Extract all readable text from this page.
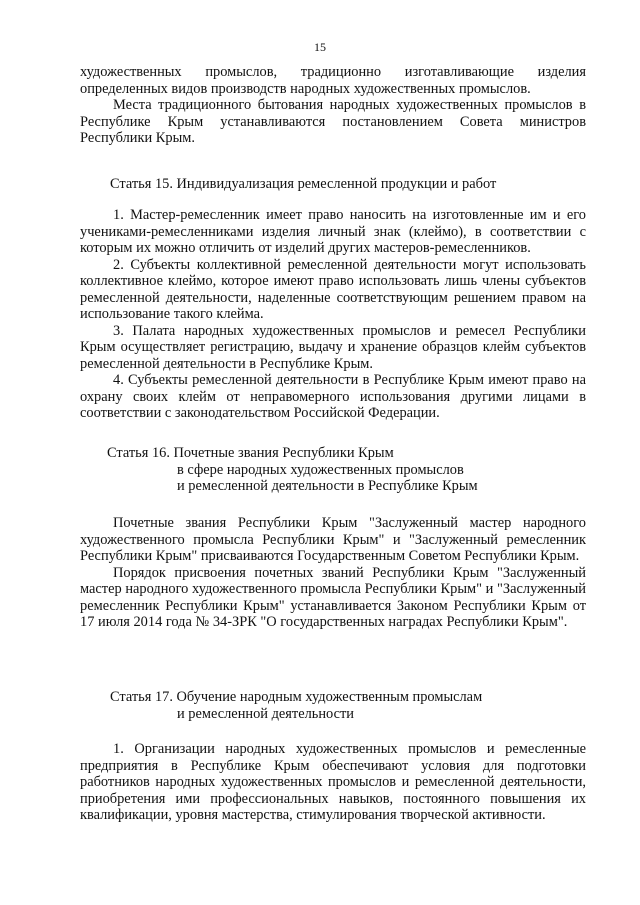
15

художественных промыслов, традиционно изготавливающие изделия определенных видов производств народных художественных промыслов.

Места традиционного бытования народных художественных промыслов в Республике Крым устанавливаются постановлением Совета министров Республики Крым.

Статья 15. Индивидуализация ремесленной продукции и работ

1. Мастер-ремесленник имеет право наносить на изготовленные им и его учениками-ремесленниками изделия личный знак (клеймо), в соответствии с которым их можно отличить от изделий других мастеров-ремесленников.

2. Субъекты коллективной ремесленной деятельности могут использовать коллективное клеймо, которое имеют право использовать лишь члены субъектов ремесленной деятельности, наделенные соответствующим решением правом на использование такого клейма.

3. Палата народных художественных промыслов и ремесел Республики Крым осуществляет регистрацию, выдачу и хранение образцов клейм субъектов ремесленной деятельности в Республике Крым.

4. Субъекты ремесленной деятельности в Республике Крым имеют право на охрану своих клейм от неправомерного использования другими лицами в соответствии с законодательством Российской Федерации.

Статья 16. Почетные звания Республики Крым

в сфере народных художественных промыслов

и ремесленной деятельности в Республике Крым

Почетные звания Республики Крым "Заслуженный мастер народного художественного промысла Республики Крым" и "Заслуженный ремесленник Республики Крым" присваиваются Государственным Советом Республики Крым.

Порядок присвоения почетных званий Республики Крым "Заслуженный мастер народного художественного промысла Республики Крым" и "Заслуженный ремесленник Республики Крым" устанавливается Законом Республики Крым от 17 июля 2014 года № 34-ЗРК "О государственных наградах Республики Крым".

Статья 17. Обучение народным художественным промыслам

и ремесленной деятельности

1. Организации народных художественных промыслов и ремесленные предприятия в Республике Крым обеспечивают условия для подготовки работников народных художественных промыслов и ремесленной деятельности, приобретения ими профессиональных навыков, постоянного повышения их квалификации, уровня мастерства, стимулирования творческой активности.
